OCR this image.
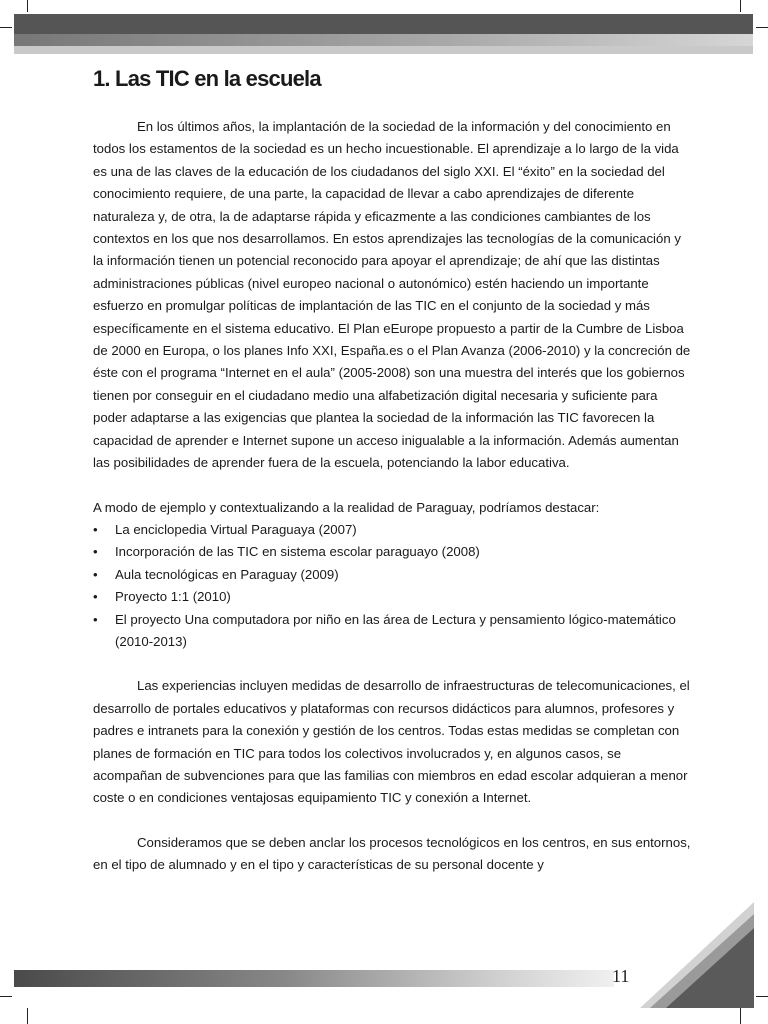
1. Las TIC en la escuela

En los últimos años, la implantación de la sociedad de la información y del conocimiento en todos los estamentos de la sociedad es un hecho incuestionable. El aprendizaje a lo largo de la vida es una de las claves de la educación de los ciudadanos del siglo XXI. El “éxito” en la sociedad del conocimiento requiere, de una parte, la capacidad de llevar a cabo aprendizajes de diferente naturaleza y, de otra, la de adaptarse rápida y eficazmente a las condiciones cambiantes de los contextos en los que nos desarrollamos. En estos aprendizajes las tecnologías de la comunicación y la información tienen un potencial reconocido para apoyar el aprendizaje; de ahí que las distintas administraciones públicas (nivel europeo nacional o autonómico) estén haciendo un importante esfuerzo en promulgar políticas de implantación de las TIC en el conjunto de la sociedad y más específicamente en el sistema educativo. El Plan eEurope propuesto a partir de la Cumbre de Lisboa de 2000 en Europa, o los planes Info XXI, España.es o el Plan Avanza (2006-2010) y la concreción de éste con el programa “Internet en el aula” (2005-2008) son una muestra del interés que los gobiernos tienen por conseguir en el ciudadano medio una alfabetización digital necesaria y suficiente para poder adaptarse a las exigencias que plantea la sociedad de la información las TIC favorecen la capacidad de aprender e Internet supone un acceso inigualable a la información. Además aumentan las posibilidades de aprender fuera de la escuela, potenciando la labor educativa.

A modo de ejemplo y contextualizando a la realidad de Paraguay, podríamos destacar:

• La enciclopedia Virtual Paraguaya (2007)
• Incorporación de las TIC en sistema escolar paraguayo (2008)
• Aula tecnológicas en Paraguay (2009)
• Proyecto 1:1 (2010)
• El proyecto Una computadora por niño en las área de Lectura y pensamiento lógico-matemático (2010-2013)

Las experiencias incluyen medidas de desarrollo de infraestructuras de telecomunicaciones, el desarrollo de portales educativos y plataformas con recursos didácticos para alumnos, profesores y padres e intranets para la conexión y gestión de los centros. Todas estas medidas se completan con planes de formación en TIC para todos los colectivos involucrados y, en algunos casos, se acompañan de subvenciones para que las familias con miembros en edad escolar adquieran a menor coste o en condiciones ventajosas equipamiento TIC y conexión a Internet.

Consideramos que se deben anclar los procesos tecnológicos en los centros, en sus entornos, en el tipo de alumnado y en el tipo y características de su personal docente y

11
